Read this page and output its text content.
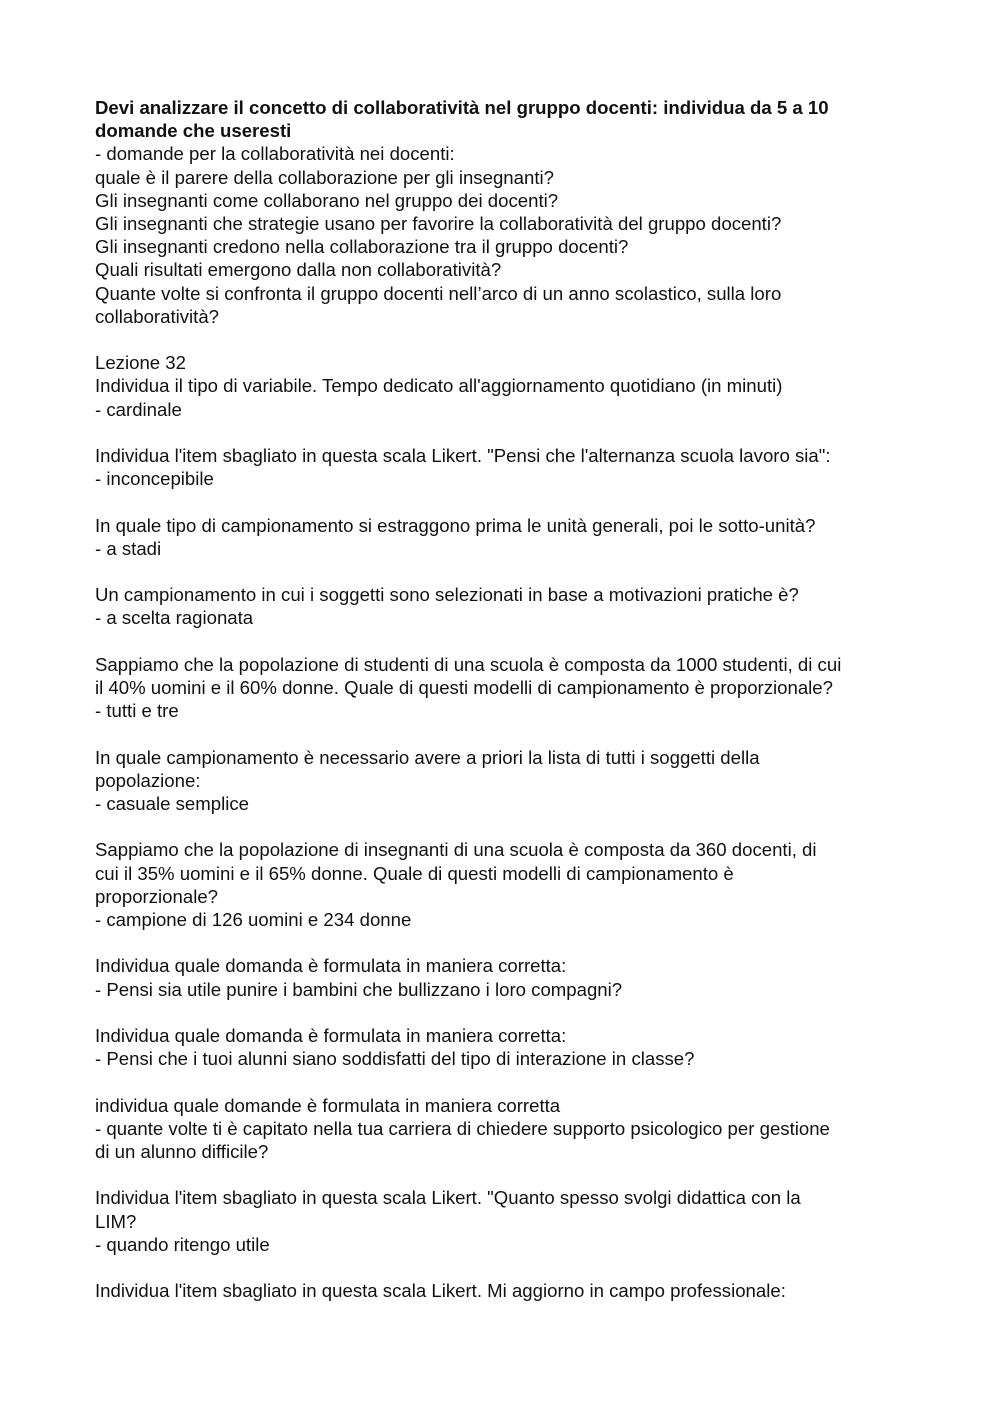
Devi analizzare il concetto di collaboratività nel gruppo docenti: individua da 5 a 10
domande che useresti
- domande per la collaboratività nei docenti:
quale è il parere della collaborazione per gli insegnanti?
Gli insegnanti come collaborano nel gruppo dei docenti?
Gli insegnanti che strategie usano per favorire la collaboratività del gruppo docenti?
Gli insegnanti credono nella collaborazione tra il gruppo docenti?
Quali risultati emergono dalla non collaboratività?
Quante volte si confronta il gruppo docenti nell’arco di un anno scolastico, sulla loro
collaboratività?
Lezione 32
Individua il tipo di variabile. Tempo dedicato all'aggiornamento quotidiano (in minuti)
- cardinale
Individua l'item sbagliato in questa scala Likert. "Pensi che l'alternanza scuola lavoro sia":
- inconcepibile
In quale tipo di campionamento si estraggono prima le unità generali, poi le sotto-unità?
- a stadi
Un campionamento in cui i soggetti sono selezionati in base a motivazioni pratiche è?
- a scelta ragionata
Sappiamo che la popolazione di studenti di una scuola è composta da 1000 studenti, di cui
il 40% uomini e il 60% donne. Quale di questi modelli di campionamento è proporzionale?
- tutti e tre
In quale campionamento è necessario avere a priori la lista di tutti i soggetti della
popolazione:
- casuale semplice
Sappiamo che la popolazione di insegnanti di una scuola è composta da 360 docenti, di
cui il 35% uomini e il 65% donne. Quale di questi modelli di campionamento è
proporzionale?
- campione di 126 uomini e 234 donne
Individua quale domanda è formulata in maniera corretta:
- Pensi sia utile punire i bambini che bullizzano i loro compagni?
Individua quale domanda è formulata in maniera corretta:
- Pensi che i tuoi alunni siano soddisfatti del tipo di interazione in classe?
individua quale domande è formulata in maniera corretta
- quante volte ti è capitato nella tua carriera di chiedere supporto psicologico per gestione
di un alunno difficile?
Individua l'item sbagliato in questa scala Likert. "Quanto spesso svolgi didattica con la
LIM?
- quando ritengo utile
Individua l'item sbagliato in questa scala Likert. Mi aggiorno in campo professionale:
